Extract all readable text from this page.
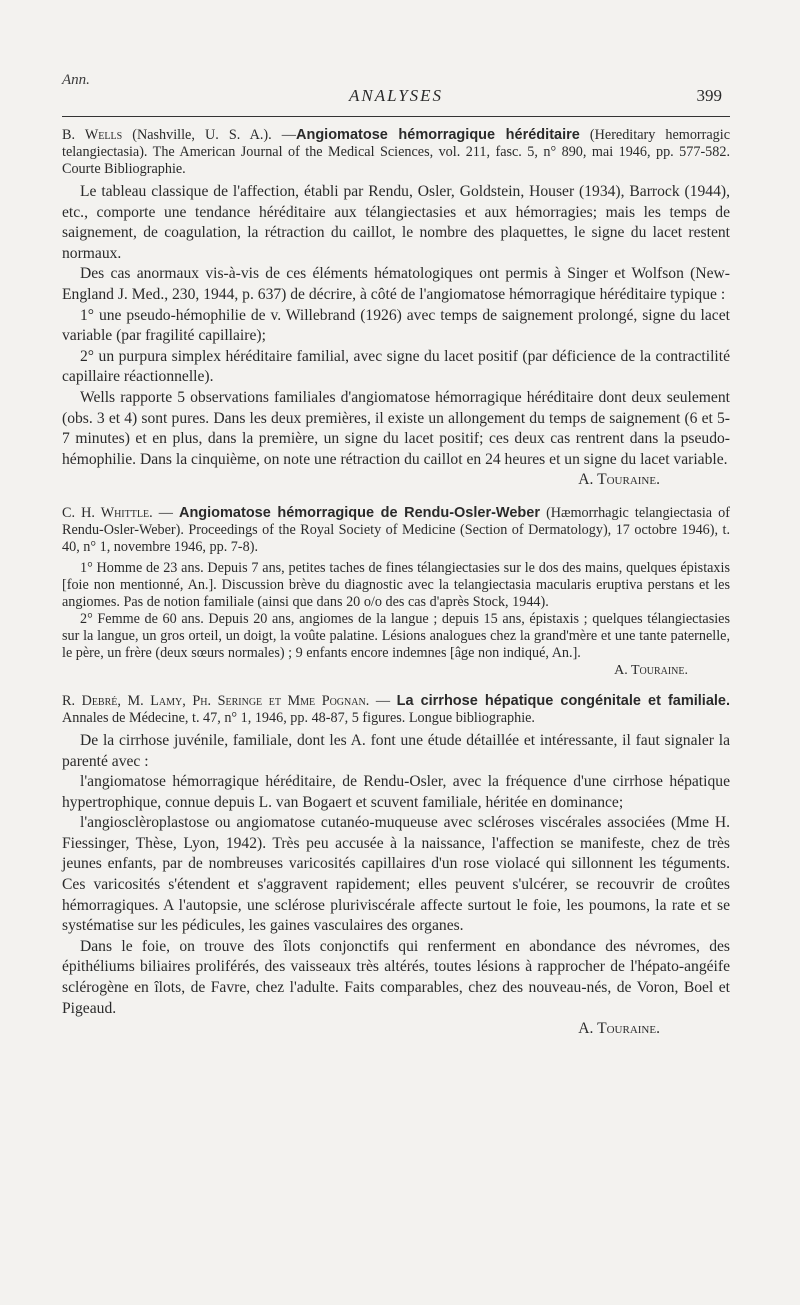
Ann.
ANALYSES	399

B. Wells (Nashville, U. S. A.). —Angiomatose hémorragique héréditaire (Hereditary hemorragic telangiectasia). The American Journal of the Medical Sciences, vol. 211, fasc. 5, n° 890, mai 1946, pp. 577-582. Courte Bibliographie.

Le tableau classique de l'affection, établi par Rendu, Osler, Goldstein, Houser (1934), Barrock (1944), etc., comporte une tendance héréditaire aux télangiectasies et aux hémorragies; mais les temps de saignement, de coagulation, la rétraction du caillot, le nombre des plaquettes, le signe du lacet restent normaux.

Des cas anormaux vis-à-vis de ces éléments hématologiques ont permis à Singer et Wolfson (New-England J. Med., 230, 1944, p. 637) de décrire, à côté de l'angiomatose hémorragique héréditaire typique :

1° une pseudo-hémophilie de v. Willebrand (1926) avec temps de saignement prolongé, signe du lacet variable (par fragilité capillaire);

2° un purpura simplex héréditaire familial, avec signe du lacet positif (par déficience de la contractilité capillaire réactionnelle).

Wells rapporte 5 observations familiales d'angiomatose hémorragique héréditaire dont deux seulement (obs. 3 et 4) sont pures. Dans les deux premières, il existe un allongement du temps de saignement (6 et 5-7 minutes) et en plus, dans la première, un signe du lacet positif; ces deux cas rentrent dans la pseudo-hémophilie. Dans la cinquième, on note une rétraction du caillot en 24 heures et un signe du lacet variable.

A. Touraine.

C. H. Whittle. — Angiomatose hémorragique de Rendu-Osler-Weber (Hæmorrhagic telangiectasia of Rendu-Osler-Weber). Proceedings of the Royal Society of Medicine (Section of Dermatology), 17 octobre 1946), t. 40, n° 1, novembre 1946, pp. 7-8).

1° Homme de 23 ans. Depuis 7 ans, petites taches de fines télangiectasies sur le dos des mains, quelques épistaxis [foie non mentionné, An.]. Discussion brève du diagnostic avec la telangiectasia macularis eruptiva perstans et les angiomes. Pas de notion familiale (ainsi que dans 20 o/o des cas d'après Stock, 1944).

2° Femme de 60 ans. Depuis 20 ans, angiomes de la langue ; depuis 15 ans, épistaxis ; quelques télangiectasies sur la langue, un gros orteil, un doigt, la voûte palatine. Lésions analogues chez la grand'mère et une tante paternelle, le père, un frère (deux sœurs normales) ; 9 enfants encore indemnes [âge non indiqué, An.].

A. Touraine.

R. Debré, M. Lamy, Ph. Seringe et Mme Pognan. — La cirrhose hépatique congénitale et familiale. Annales de Médecine, t. 47, n° 1, 1946, pp. 48-87, 5 figures. Longue bibliographie.

De la cirrhose juvénile, familiale, dont les A. font une étude détaillée et intéressante, il faut signaler la parenté avec :

l'angiomatose hémorragique héréditaire, de Rendu-Osler, avec la fréquence d'une cirrhose hépatique hypertrophique, connue depuis L. van Bogaert et scuvent familiale, héritée en dominance;

l'angiosclèroplastose ou angiomatose cutanéo-muqueuse avec scléroses viscérales associées (Mme H. Fiessinger, Thèse, Lyon, 1942). Très peu accusée à la naissance, l'affection se manifeste, chez de très jeunes enfants, par de nombreuses varicosités capillaires d'un rose violacé qui sillonnent les téguments. Ces varicosités s'étendent et s'aggravent rapidement; elles peuvent s'ulcérer, se recouvrir de croûtes hémorragiques. A l'autopsie, une sclérose pluriviscérale affecte surtout le foie, les poumons, la rate et se systématise sur les pédicules, les gaines vasculaires des organes.

Dans le foie, on trouve des îlots conjonctifs qui renferment en abondance des névromes, des épithéliums biliaires proliférés, des vaisseaux très altérés, toutes lésions à rapprocher de l'hépato-angéife sclérogène en îlots, de Favre, chez l'adulte. Faits comparables, chez des nouveau-nés, de Voron, Boel et Pigeaud.

A. Touraine.
